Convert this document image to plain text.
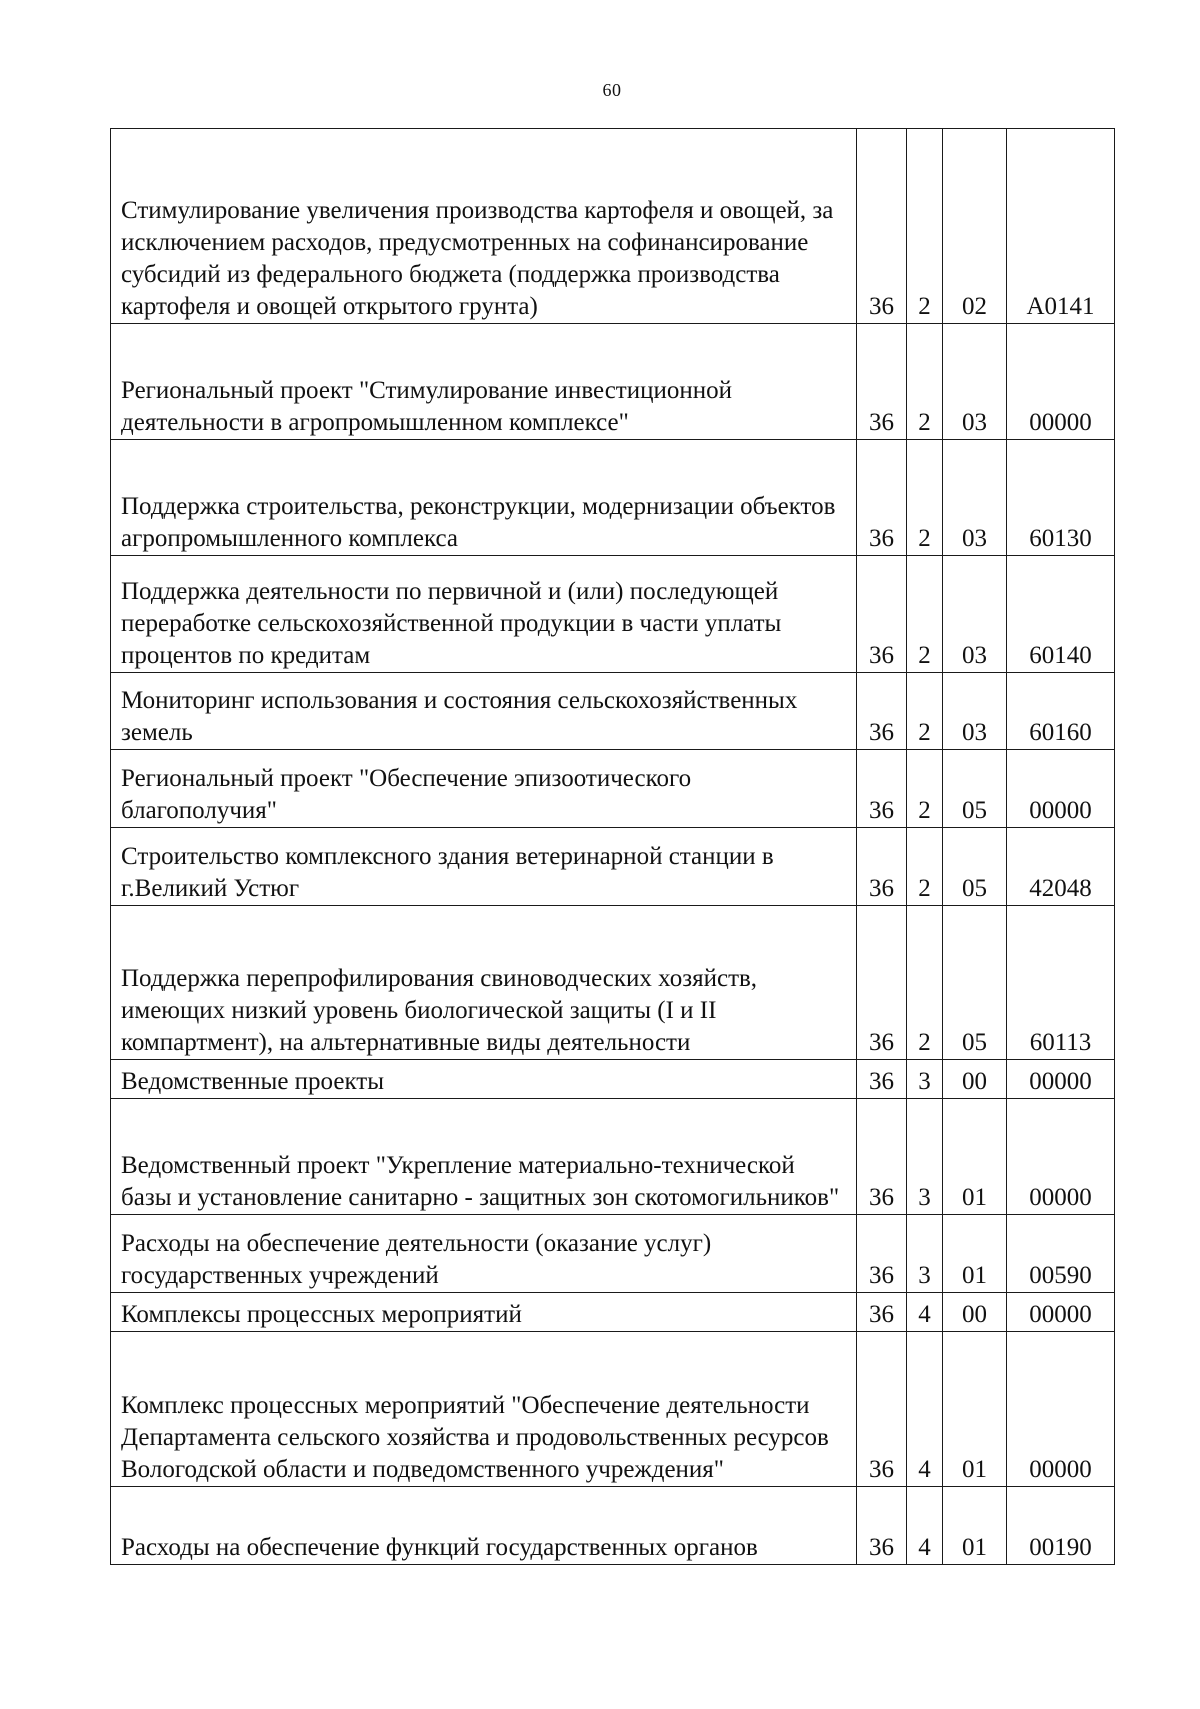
60
Стимулирование увеличения производства картофеля и овощей, за исключением расходов, предусмотренных на софинансирование субсидий из федерального бюджета (поддержка производства картофеля и овощей открытого грунта)	36	2	02	A0141
Региональный проект "Стимулирование инвестиционной деятельности в агропромышленном комплексе"	36	2	03	00000
Поддержка строительства, реконструкции, модернизации объектов агропромышленного комплекса	36	2	03	60130
Поддержка деятельности по первичной и (или) последующей переработке сельскохозяйственной продукции в части уплаты процентов по кредитам	36	2	03	60140
Мониторинг использования и состояния сельскохозяйственных земель	36	2	03	60160
Региональный проект "Обеспечение эпизоотического благополучия"	36	2	05	00000
Строительство комплексного здания ветеринарной станции в г.Великий Устюг	36	2	05	42048
Поддержка перепрофилирования свиноводческих хозяйств, имеющих низкий уровень биологической защиты (I и II компартмент), на альтернативные виды деятельности	36	2	05	60113
Ведомственные проекты	36	3	00	00000
Ведомственный проект "Укрепление материально-технической базы и установление санитарно - защитных зон скотомогильников"	36	3	01	00000
Расходы на обеспечение деятельности (оказание услуг) государственных учреждений	36	3	01	00590
Комплексы процессных мероприятий	36	4	00	00000
Комплекс процессных мероприятий "Обеспечение деятельности Департамента сельского хозяйства и продовольственных ресурсов Вологодской области и подведомственного учреждения"	36	4	01	00000
Расходы на обеспечение функций государственных органов	36	4	01	00190
